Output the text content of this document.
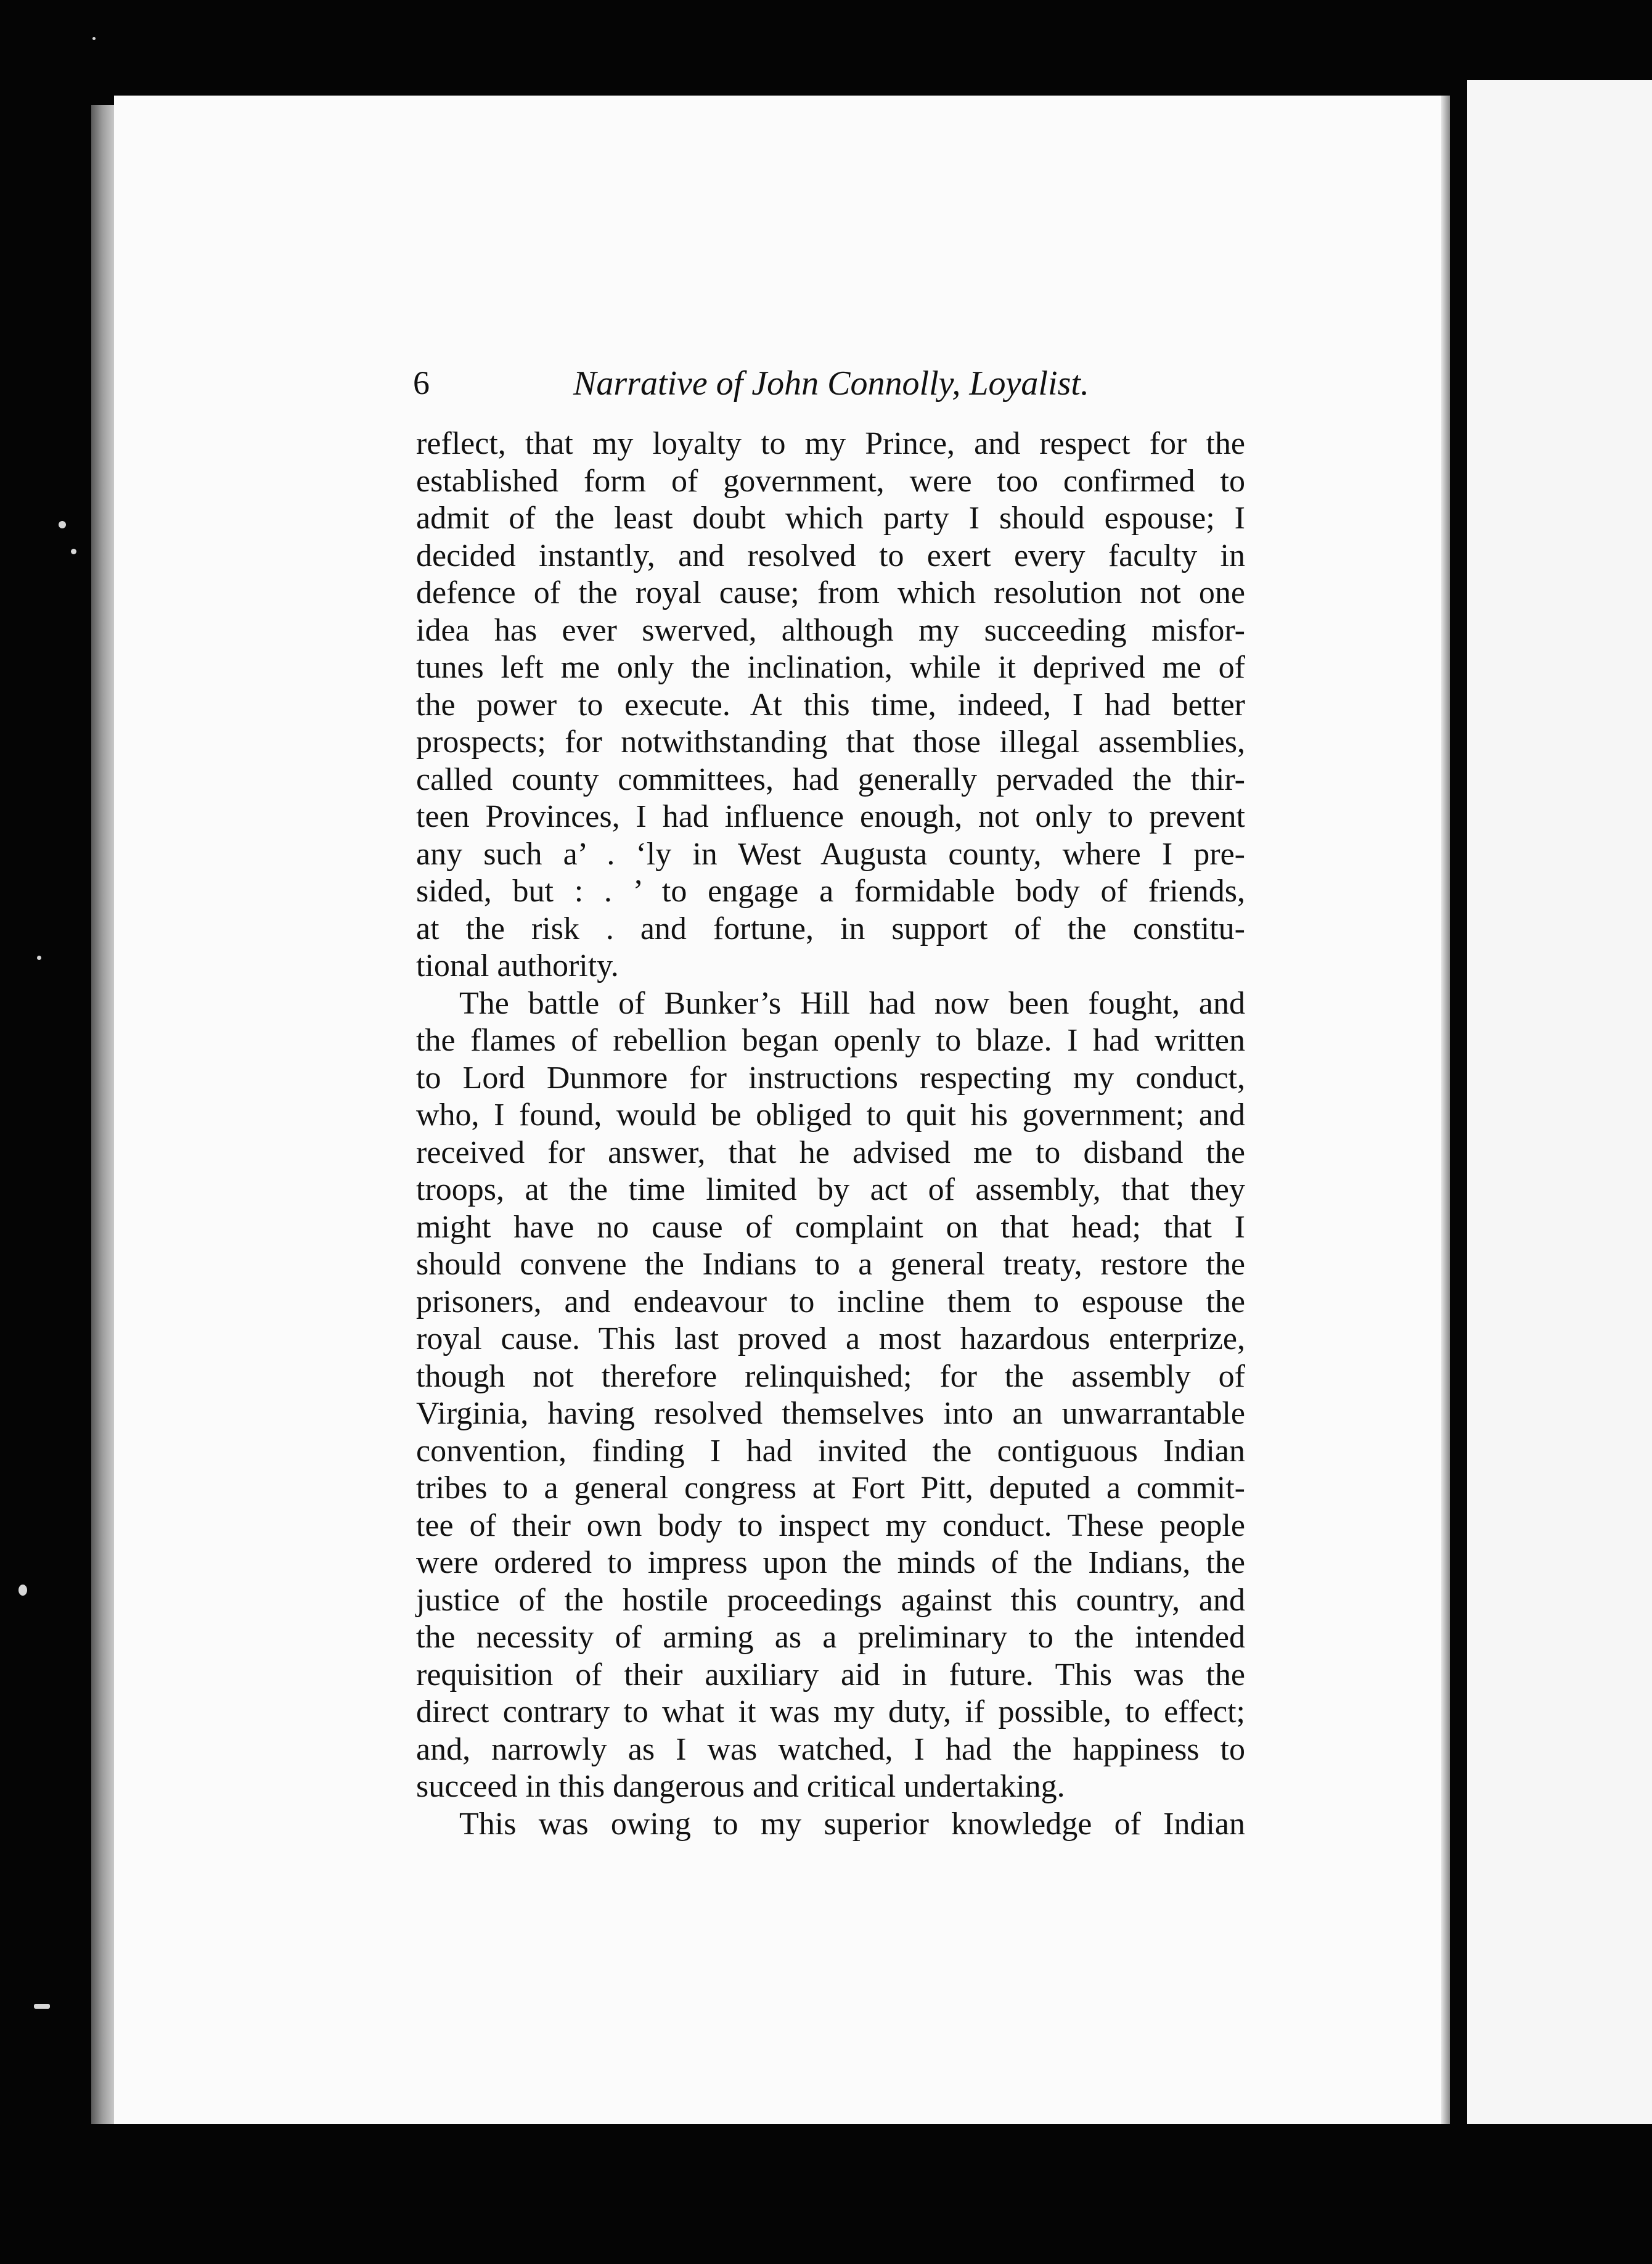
6	Narrative of John Connolly, Loyalist.
reflect, that my loyalty to my Prince, and respect for the
established form of government, were too confirmed to
admit of the least doubt which party I should espouse; I
decided instantly, and resolved to exert every faculty in
defence of the royal cause; from which resolution not one
idea has ever swerved, although my succeeding misfor-
tunes left me only the inclination, while it deprived me of
the power to execute. At this time, indeed, I had better
prospects; for notwithstanding that those illegal assemblies,
called county committees, had generally pervaded the thir-
teen Provinces, I had influence enough, not only to prevent
any such a’ . ‘ly in West Augusta county, where I pre-
sided, but : . ’ to engage a formidable body of friends,
at the risk . and fortune, in support of the constitu-
tional authority.
The battle of Bunker’s Hill had now been fought, and
the flames of rebellion began openly to blaze. I had written
to Lord Dunmore for instructions respecting my conduct,
who, I found, would be obliged to quit his government; and
received for answer, that he advised me to disband the
troops, at the time limited by act of assembly, that they
might have no cause of complaint on that head; that I
should convene the Indians to a general treaty, restore the
prisoners, and endeavour to incline them to espouse the
royal cause. This last proved a most hazardous enterprize,
though not therefore relinquished; for the assembly of
Virginia, having resolved themselves into an unwarrantable
convention, finding I had invited the contiguous Indian
tribes to a general congress at Fort Pitt, deputed a commit-
tee of their own body to inspect my conduct. These people
were ordered to impress upon the minds of the Indians, the
justice of the hostile proceedings against this country, and
the necessity of arming as a preliminary to the intended
requisition of their auxiliary aid in future. This was the
direct contrary to what it was my duty, if possible, to effect;
and, narrowly as I was watched, I had the happiness to
succeed in this dangerous and critical undertaking.
This was owing to my superior knowledge of Indian
